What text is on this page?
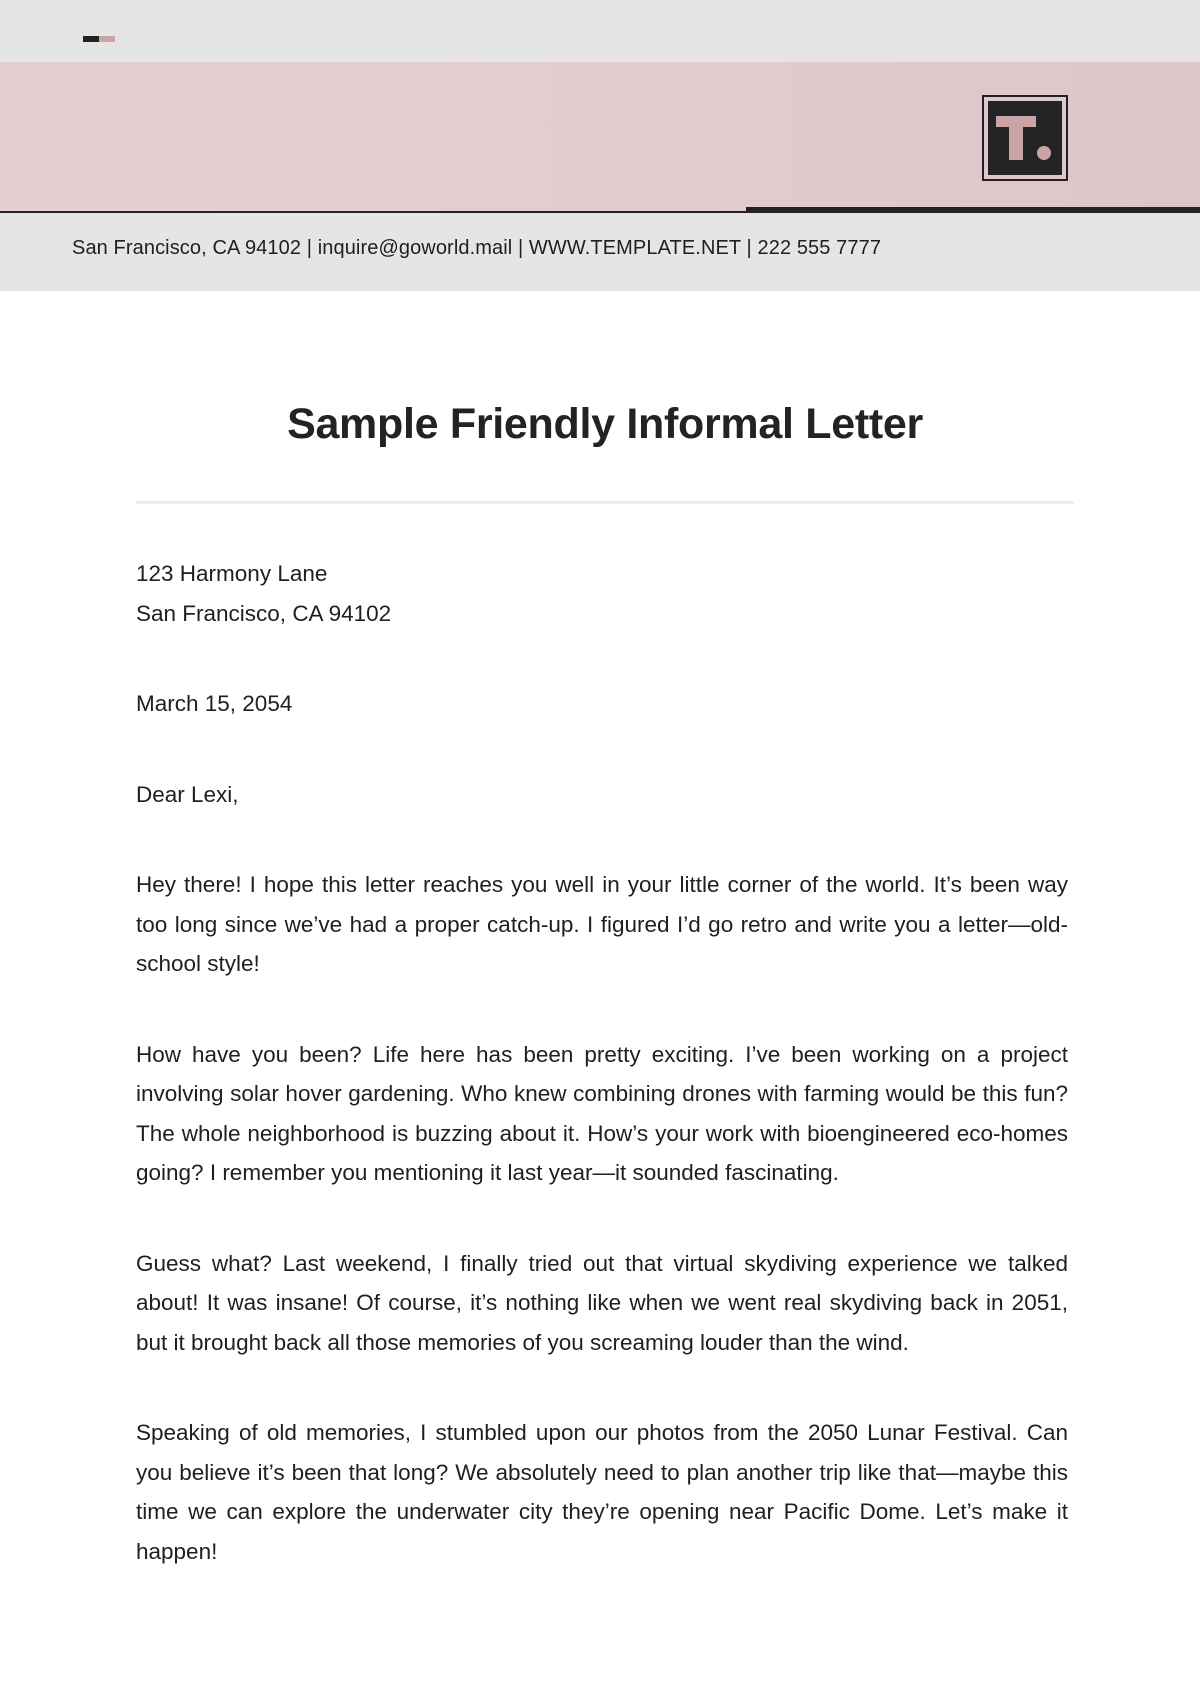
San Francisco, CA 94102 | inquire@goworld.mail | WWW.TEMPLATE.NET | 222 555 7777
Sample Friendly Informal Letter

123 Harmony Lane
San Francisco, CA 94102

March 15, 2054

Dear Lexi,

Hey there! I hope this letter reaches you well in your little corner of the world. It’s been way too long since we’ve had a proper catch-up. I figured I’d go retro and write you a letter—old-school style!

How have you been? Life here has been pretty exciting. I’ve been working on a project involving solar hover gardening. Who knew combining drones with farming would be this fun? The whole neighborhood is buzzing about it. How’s your work with bioengineered eco-homes going? I remember you mentioning it last year—it sounded fascinating.

Guess what? Last weekend, I finally tried out that virtual skydiving experience we talked about! It was insane! Of course, it’s nothing like when we went real skydiving back in 2051, but it brought back all those memories of you screaming louder than the wind.

Speaking of old memories, I stumbled upon our photos from the 2050 Lunar Festival. Can you believe it’s been that long? We absolutely need to plan another trip like that—maybe this time we can explore the underwater city they’re opening near Pacific Dome. Let’s make it happen!
